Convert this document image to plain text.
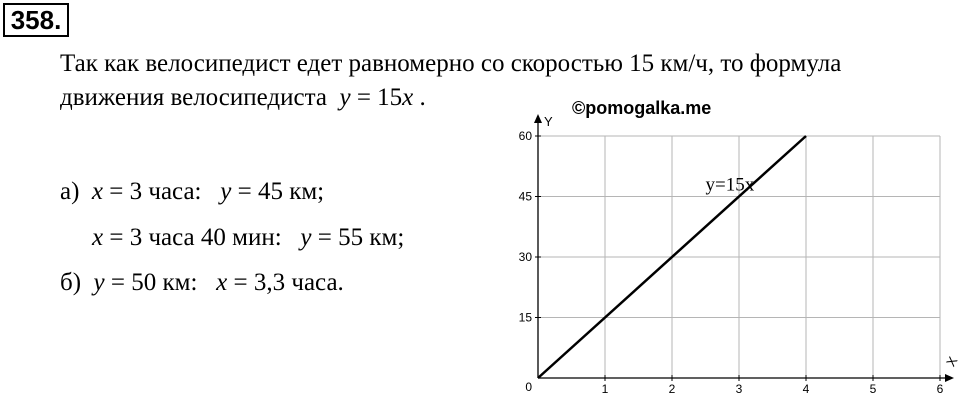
358.
Так как велосипедист едет равномерно со скоростью 15 км/ч, то формула
движения велосипедиста y = 15x .
а) x = 3 часа: y = 45 км;
x = 3 часа 40 мин: y = 55 км;
б) y = 50 км: x = 3,3 часа.
©pomogalka.me
Y
X
1	2	3	4	5	6
15
30
45
60
0
y=15x
